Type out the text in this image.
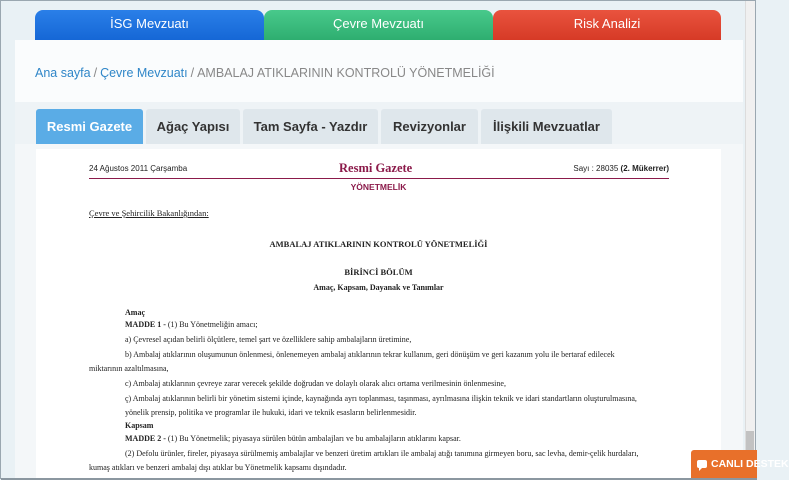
İSG Mevzuatı	Çevre Mevzuatı	Risk Analizi
Ana sayfa / Çevre Mevzuatı / AMBALAJ ATIKLARININ KONTROLÜ YÖNETMELİĞİ
Resmi Gazete	Ağaç Yapısı	Tam Sayfa - Yazdır	Revizyonlar	İlişkili Mevzuatlar
24 Ağustos 2011 Çarşamba	Resmi Gazete	Sayı : 28035 (2. Mükerrer)
YÖNETMELİK
Çevre ve Şehircilik Bakanlığından:
AMBALAJ ATIKLARININ KONTROLÜ YÖNETMELİĞİ
BİRİNCİ BÖLÜM
Amaç, Kapsam, Dayanak ve Tanımlar
Amaç
MADDE 1 - (1) Bu Yönetmeliğin amacı;
a) Çevresel açıdan belirli ölçütlere, temel şart ve özelliklere sahip ambalajların üretimine,
b) Ambalaj atıklarının oluşumunun önlenmesi, önlenemeyen ambalaj atıklarının tekrar kullanım, geri dönüşüm ve geri kazanım yolu ile bertaraf edilecek
miktarının azaltılmasına,
c) Ambalaj atıklarının çevreye zarar verecek şekilde doğrudan ve dolaylı olarak alıcı ortama verilmesinin önlenmesine,
ç) Ambalaj atıklarının belirli bir yönetim sistemi içinde, kaynağında ayrı toplanması, taşınması, ayrılmasına ilişkin teknik ve idari standartların oluşturulmasına,
yönelik prensip, politika ve programlar ile hukuki, idari ve teknik esasların belirlenmesidir.
Kapsam
MADDE 2 - (1) Bu Yönetmelik; piyasaya sürülen bütün ambalajları ve bu ambalajların atıklarını kapsar.
(2) Defolu ürünler, fireler, piyasaya sürülmemiş ambalajlar ve benzeri üretim artıkları ile ambalaj atığı tanımına girmeyen boru, sac levha, demir-çelik hurdaları,
kumaş atıkları ve benzeri ambalaj dışı atıklar bu Yönetmelik kapsamı dışındadır.	CANLI DESTEK
